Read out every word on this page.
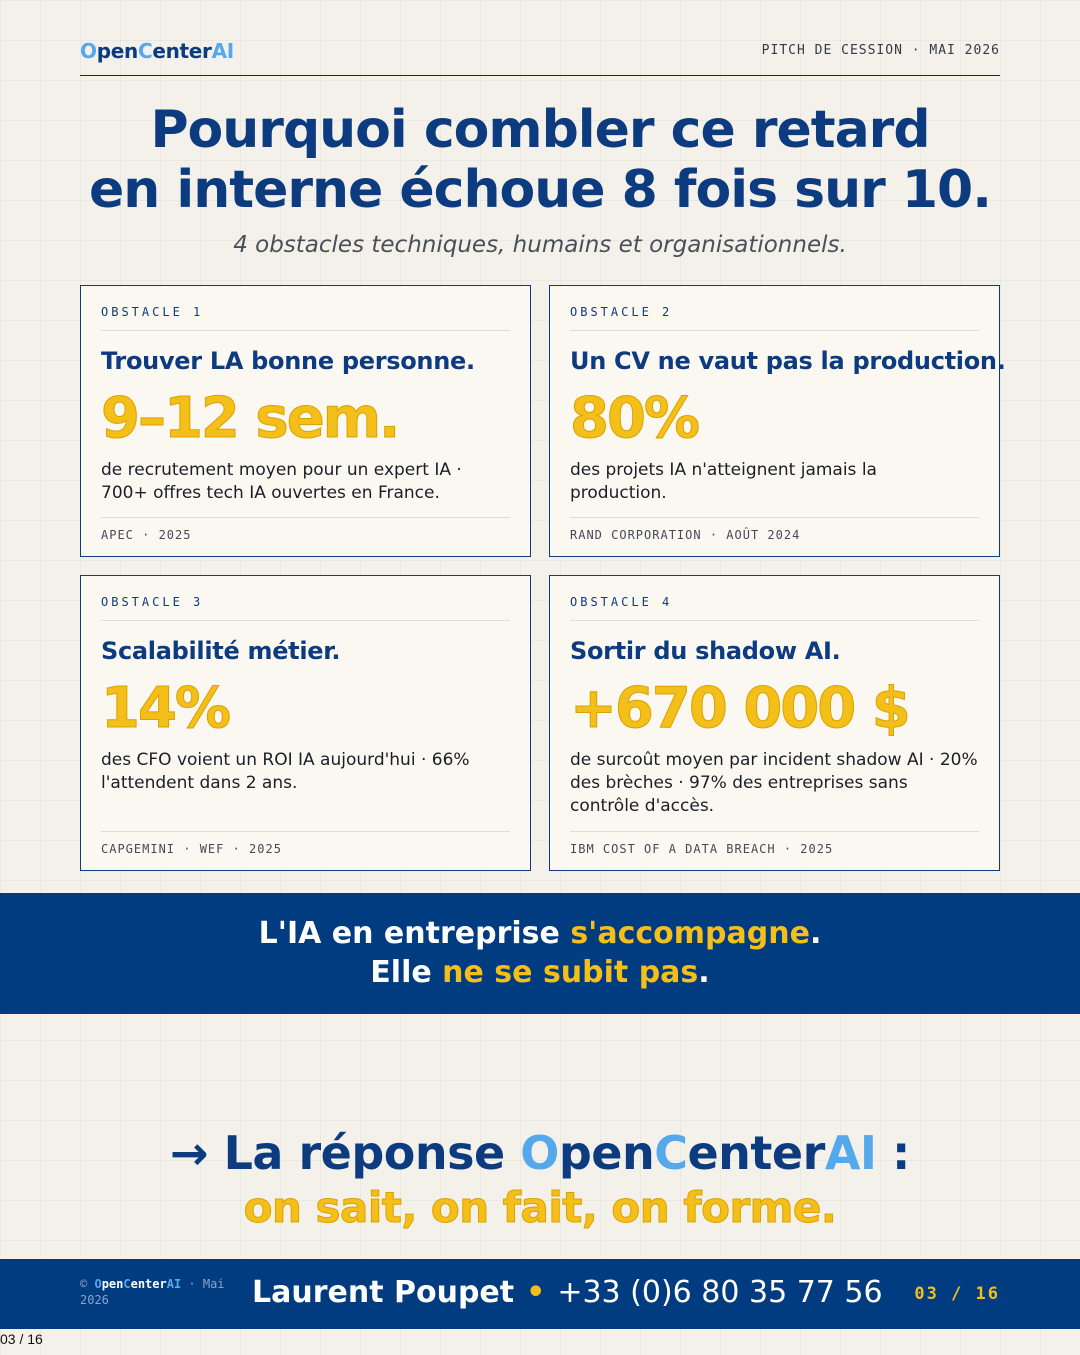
OpenCenterAI	PITCH DE CESSION · MAI 2026
Pourquoi combler ce retard
en interne échoue 8 fois sur 10.
4 obstacles techniques, humains et organisationnels.
OBSTACLE 1
Trouver LA bonne personne.
9–12 sem.
de recrutement moyen pour un expert IA · 700+ offres tech IA ouvertes en France.
APEC · 2025
OBSTACLE 2
Un CV ne vaut pas la production.
80%
des projets IA n'atteignent jamais la production.
RAND CORPORATION · AOÛT 2024
OBSTACLE 3
Scalabilité métier.
14%
des CFO voient un ROI IA aujourd'hui · 66% l'attendent dans 2 ans.
CAPGEMINI · WEF · 2025
OBSTACLE 4
Sortir du shadow AI.
+670 000 $
de surcoût moyen par incident shadow AI · 20% des brèches · 97% des entreprises sans contrôle d'accès.
IBM COST OF A DATA BREACH · 2025
L'IA en entreprise s'accompagne.
Elle ne se subit pas.
→ La réponse OpenCenterAI :
on sait, on fait, on forme.
© OpenCenterAI · Mai 2026	Laurent Poupet • +33 (0)6 80 35 77 56 03 / 16
03 / 16
